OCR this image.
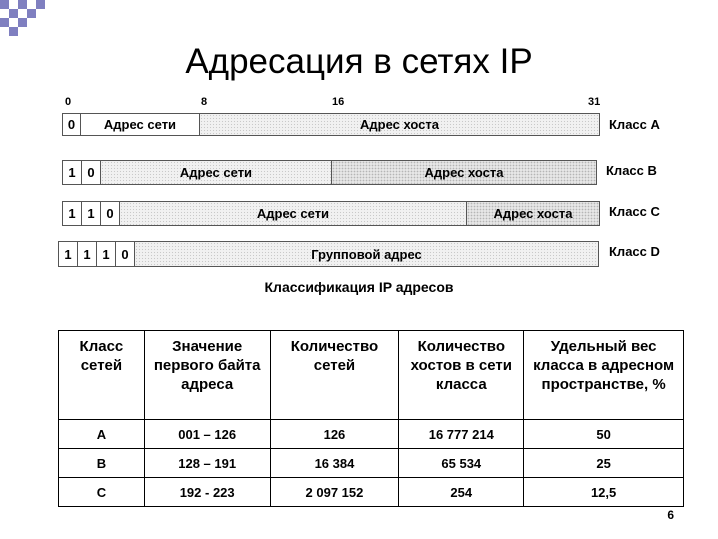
Адресация в сетях IP
0	8	16	31
0	Адрес сети	Адрес хоста	Класс A
1 0	Адрес сети	Адрес хоста	Класс B
1 1 0	Адрес сети	Адрес хоста	Класс C
1 1 1 0	Групповой адрес	Класс D
Классификация IP адресов
Класс сетей	Значение первого байта адреса	Количество сетей	Количество хостов в сети класса	Удельный вес класса в адресном пространстве, %
A	001 – 126	126	16 777 214	50
B	128 – 191	16 384	65 534	25
C	192 - 223	2 097 152	254	12,5
6
